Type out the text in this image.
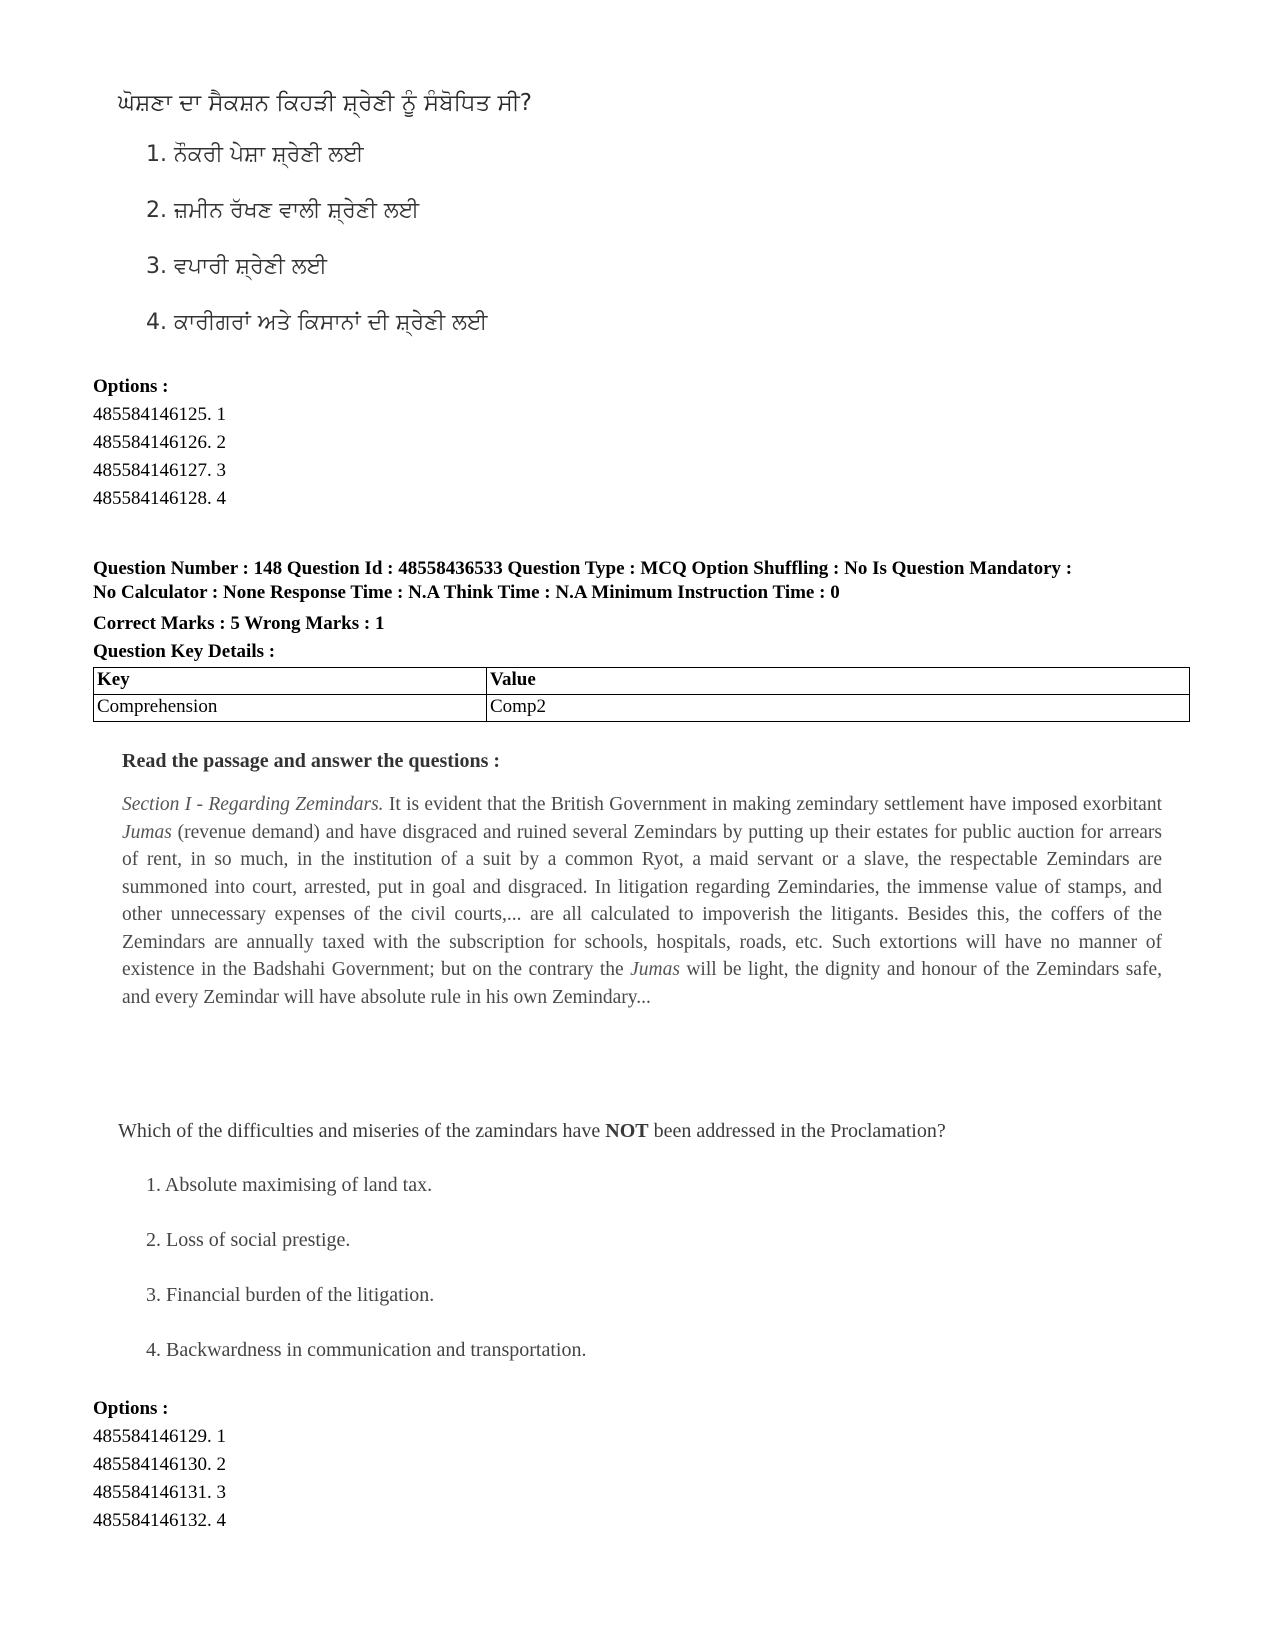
ਘੋਸ਼ਣਾ ਦਾ ਸੈਕਸ਼ਨ ਕਿਹੜੀ ਸ਼੍ਰੇਣੀ ਨੂੰ ਸੰਬੋਧਿਤ ਸੀ?
1. ਨੌਕਰੀ ਪੇਸ਼ਾ ਸ਼੍ਰੇਣੀ ਲਈ
2. ਜ਼ਮੀਨ ਰੱਖਣ ਵਾਲੀ ਸ਼੍ਰੇਣੀ ਲਈ
3. ਵਪਾਰੀ ਸ਼੍ਰੇਣੀ ਲਈ
4. ਕਾਰੀਗਰਾਂ ਅਤੇ ਕਿਸਾਨਾਂ ਦੀ ਸ਼੍ਰੇਣੀ ਲਈ
Options :
485584146125. 1
485584146126. 2
485584146127. 3
485584146128. 4
Question Number : 148 Question Id : 48558436533 Question Type : MCQ Option Shuffling : No Is Question Mandatory :
No Calculator : None Response Time : N.A Think Time : N.A Minimum Instruction Time : 0
Correct Marks : 5 Wrong Marks : 1
Question Key Details :
Key	Value
Comprehension	Comp2
Read the passage and answer the questions :
Section I - Regarding Zemindars. It is evident that the British Government in making zemindary settlement have imposed exorbitant Jumas (revenue demand) and have disgraced and ruined several Zemindars by putting up their estates for public auction for arrears of rent, in so much, in the institution of a suit by a common Ryot, a maid servant or a slave, the respectable Zemindars are summoned into court, arrested, put in goal and disgraced. In litigation regarding Zemindaries, the immense value of stamps, and other unnecessary expenses of the civil courts,... are all calculated to impoverish the litigants. Besides this, the coffers of the Zemindars are annually taxed with the subscription for schools, hospitals, roads, etc. Such extortions will have no manner of existence in the Badshahi Government; but on the contrary the Jumas will be light, the dignity and honour of the Zemindars safe, and every Zemindar will have absolute rule in his own Zemindary...
Which of the difficulties and miseries of the zamindars have NOT been addressed in the Proclamation?
1. Absolute maximising of land tax.
2. Loss of social prestige.
3. Financial burden of the litigation.
4. Backwardness in communication and transportation.
Options :
485584146129. 1
485584146130. 2
485584146131. 3
485584146132. 4
